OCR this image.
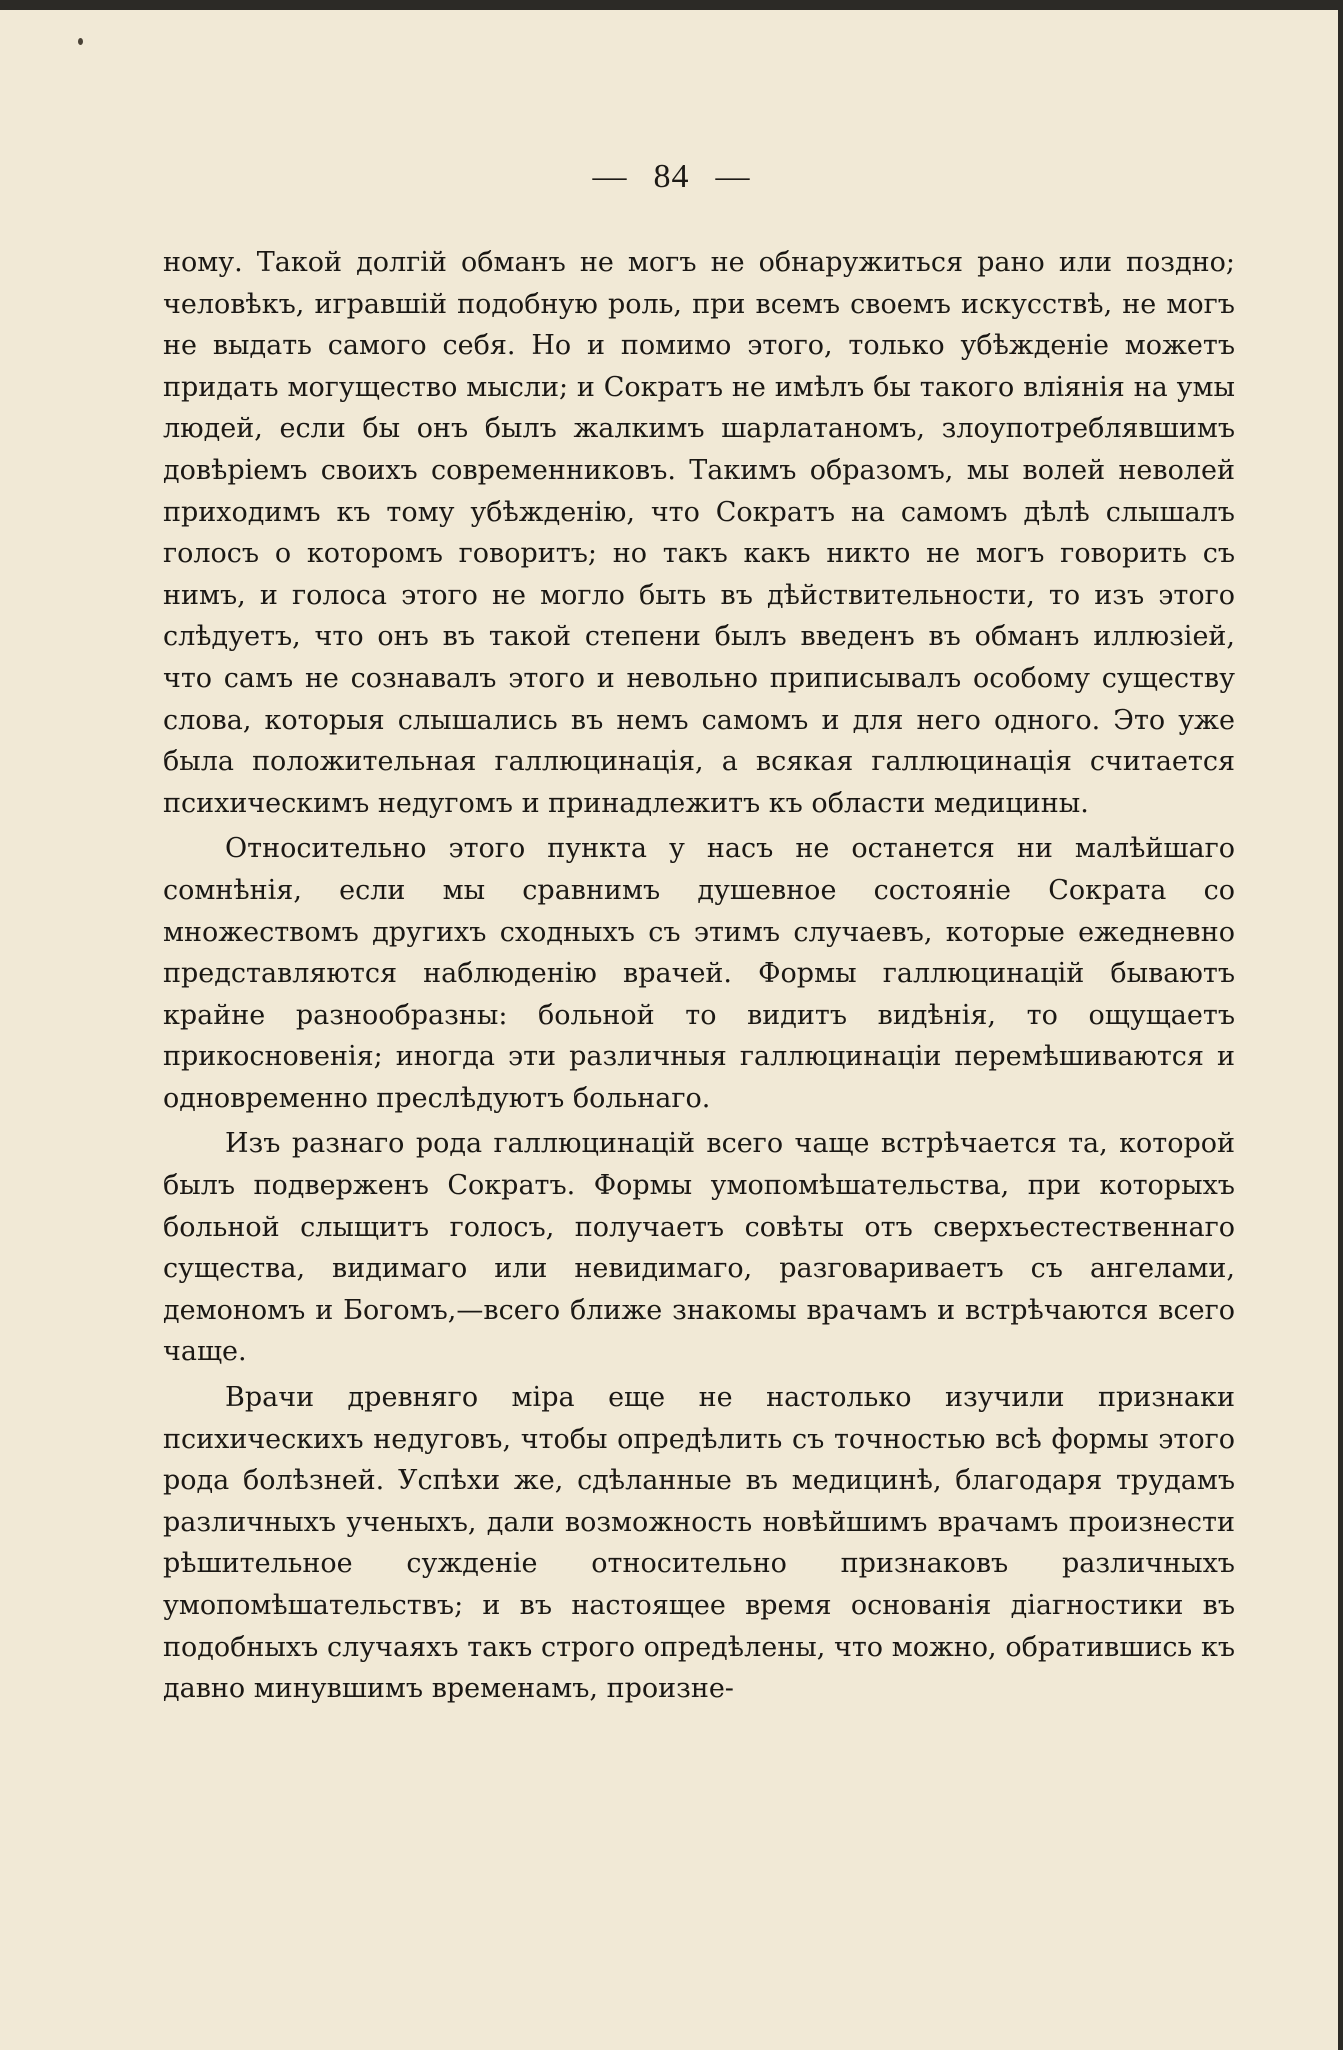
— 84 —

ному. Такой долгій обманъ не могъ не обнаружиться рано или поздно; человѣкъ, игравшій подобную роль, при всемъ своемъ искусствѣ, не могъ не выдать самого себя. Но и помимо этого, только убѣжденіе можетъ придать могущество мысли; и Сократъ не имѣлъ бы такого вліянія на умы людей, если бы онъ былъ жалкимъ шарлатаномъ, злоупотреблявшимъ довѣріемъ своихъ современниковъ. Такимъ образомъ, мы волей неволей приходимъ къ тому убѣжденію, что Сократъ на самомъ дѣлѣ слышалъ голосъ о которомъ говоритъ; но такъ какъ никто не могъ говорить съ нимъ, и голоса этого не могло быть въ дѣйствительности, то изъ этого слѣдуетъ, что онъ въ такой степени былъ введенъ въ обманъ иллюзіей, что самъ не сознавалъ этого и невольно приписывалъ особому существу слова, которыя слышались въ немъ самомъ и для него одного. Это уже была положительная галлюцинація, а всякая галлюцинація считается психическимъ недугомъ и принадлежитъ къ области медицины.

Относительно этого пункта у насъ не останется ни малѣйшаго сомнѣнія, если мы сравнимъ душевное состояніе Сократа со множествомъ другихъ сходныхъ съ этимъ случаевъ, которые ежедневно представляются наблюденію врачей. Формы галлюцинацій бываютъ крайне разнообразны: больной то видитъ видѣнія, то ощущаетъ прикосновенія; иногда эти различныя галлюцинаціи перемѣшиваются и одновременно преслѣдуютъ больнаго.

Изъ разнаго рода галлюцинацій всего чаще встрѣчается та, которой былъ подверженъ Сократъ. Формы умопомѣшательства, при которыхъ больной слыщитъ голосъ, получаетъ совѣты отъ сверхъестественнаго существа, видимаго или невидимаго, разговариваетъ съ ангелами, демономъ и Богомъ,—всего ближе знакомы врачамъ и встрѣчаются всего чаще.

Врачи древняго міра еще не настолько изучили признаки психическихъ недуговъ, чтобы опредѣлить съ точностью всѣ формы этого рода болѣзней. Успѣхи же, сдѣланные въ медицинѣ, благодаря трудамъ различныхъ ученыхъ, дали возможность новѣйшимъ врачамъ произнести рѣшительное сужденіе относительно признаковъ различныхъ умопомѣшательствъ; и въ настоящее время основанія діагностики въ подобныхъ случаяхъ такъ строго опредѣлены, что можно, обратившись къ давно минувшимъ временамъ, произне-
